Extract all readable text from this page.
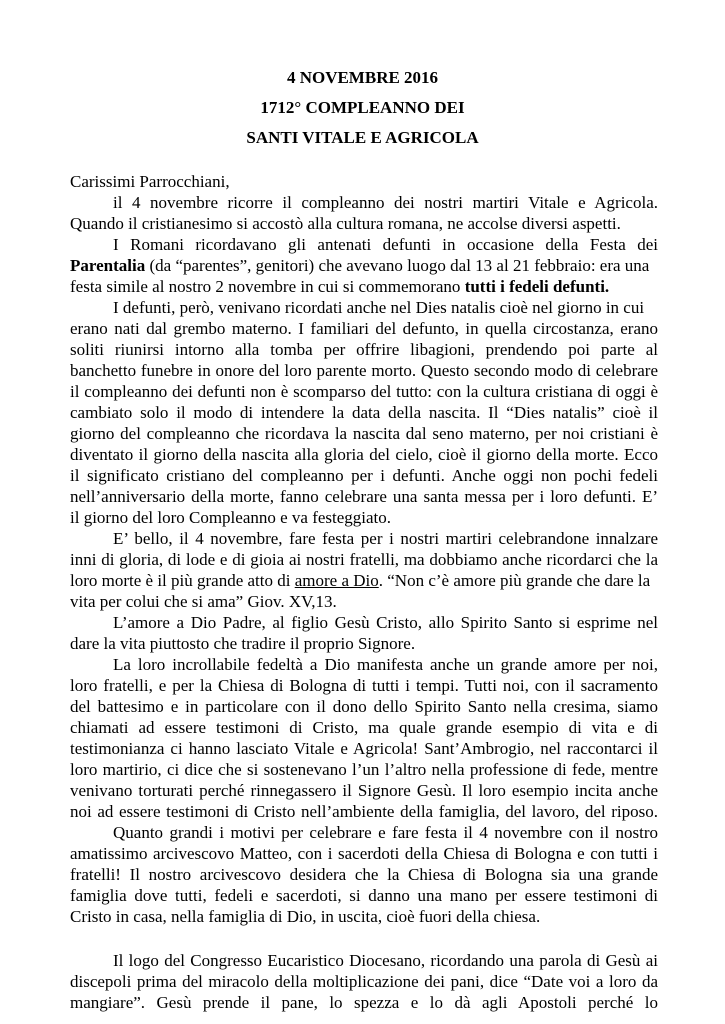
4 NOVEMBRE 2016
1712° COMPLEANNO DEI
SANTI VITALE E AGRICOLA
Carissimi Parrocchiani,
il 4 novembre ricorre il compleanno dei nostri martiri Vitale e Agricola.
Quando il cristianesimo si accostò alla cultura romana, ne accolse diversi aspetti.
I Romani ricordavano gli antenati defunti in occasione della Festa dei
Parentalia (da “parentes”, genitori) che avevano luogo dal 13 al 21 febbraio: era una
festa simile al nostro 2 novembre in cui si commemorano tutti i fedeli defunti.
I defunti, però, venivano ricordati anche nel Dies natalis cioè nel giorno in cui
erano nati dal grembo materno. I familiari del defunto, in quella circostanza, erano
soliti riunirsi intorno alla tomba per offrire libagioni, prendendo poi parte al
banchetto funebre in onore del loro parente morto. Questo secondo modo di celebrare
il compleanno dei defunti non è scomparso del tutto: con la cultura cristiana di oggi è
cambiato solo il modo di intendere la data della nascita. Il “Dies natalis” cioè il
giorno del compleanno che ricordava la nascita dal seno materno, per noi cristiani è
diventato il giorno della nascita alla gloria del cielo, cioè il giorno della morte. Ecco
il significato cristiano del compleanno per i defunti. Anche oggi non pochi fedeli
nell’anniversario della morte, fanno celebrare una santa messa per i loro defunti. E’
il giorno del loro Compleanno e va festeggiato.
E’ bello, il 4 novembre, fare festa per i nostri martiri celebrandone innalzare
inni di gloria, di lode e di gioia ai nostri fratelli, ma dobbiamo anche ricordarci che la
loro morte è il più grande atto di amore a Dio. “Non c’è amore più grande che dare la
vita per colui che si ama” Giov. XV,13.
L’amore a Dio Padre, al figlio Gesù Cristo, allo Spirito Santo si esprime nel
dare la vita piuttosto che tradire il proprio Signore.
La loro incrollabile fedeltà a Dio manifesta anche un grande amore per noi,
loro fratelli, e per la Chiesa di Bologna di tutti i tempi. Tutti noi, con il sacramento
del battesimo e in particolare con il dono dello Spirito Santo nella cresima, siamo
chiamati ad essere testimoni di Cristo, ma quale grande esempio di vita e di
testimonianza ci hanno lasciato Vitale e Agricola! Sant’Ambrogio, nel raccontarci il
loro martirio, ci dice che si sostenevano l’un l’altro nella professione di fede, mentre
venivano torturati perché rinnegassero il Signore Gesù. Il loro esempio incita anche
noi ad essere testimoni di Cristo nell’ambiente della famiglia, del lavoro, del riposo.
Quanto grandi i motivi per celebrare e fare festa il 4 novembre con il nostro
amatissimo arcivescovo Matteo, con i sacerdoti della Chiesa di Bologna e con tutti i
fratelli! Il nostro arcivescovo desidera che la Chiesa di Bologna sia una grande
famiglia dove tutti, fedeli e sacerdoti, si danno una mano per essere testimoni di
Cristo in casa, nella famiglia di Dio, in uscita, cioè fuori della chiesa.
Il logo del Congresso Eucaristico Diocesano, ricordando una parola di Gesù ai
discepoli prima del miracolo della moltiplicazione dei pani, dice “Date voi a loro da
mangiare”. Gesù prende il pane, lo spezza e lo dà agli Apostoli perché lo
